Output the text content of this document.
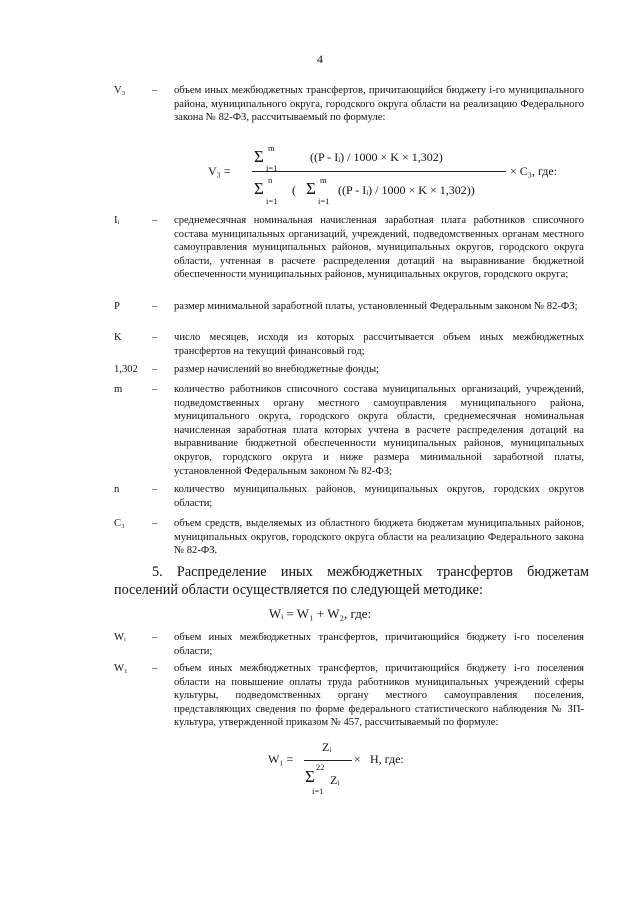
4
V₃	– объем иных межбюджетных трансфертов, причитающийся бюджету i-го муниципального района, муниципального округа, городского округа области на реализацию Федерального закона № 82-ФЗ, рассчитываемый по формуле:
V₃ =
m
Σ
i=1
((P - Iᵢ) / 1000 × K × 1,302)
n
Σ
i=1
(
m
Σ
i=1
((P - Iᵢ) / 1000 × K × 1,302))
× C₃, где:
Iᵢ	– среднемесячная номинальная начисленная заработная плата работников списочного состава муниципальных организаций, учреждений, подведомственных органам местного самоуправления муниципальных районов, муниципальных округов, городского округа области, учтенная в расчете распределения дотаций на выравнивание бюджетной обеспеченности муниципальных районов, муниципальных округов, городского округа;
P	– размер минимальной заработной платы, установленный Федеральным законом № 82-ФЗ;
K	– число месяцев, исходя из которых рассчитывается объем иных межбюджетных трансфертов на текущий финансовый год;
1,302	– размер начислений во внебюджетные фонды;
m	– количество работников списочного состава муниципальных организаций, учреждений, подведомственных органу местного самоуправления муниципального района, муниципального округа, городского округа области, среднемесячная номинальная начисленная заработная плата которых учтена в расчете распределения дотаций на выравнивание бюджетной обеспеченности муниципальных районов, муниципальных округов, городского округа и ниже размера минимальной заработной платы, установленной Федеральным законом № 82-ФЗ;
n	– количество муниципальных районов, муниципальных округов, городских округов области;
C₃	– объем средств, выделяемых из областного бюджета бюджетам муниципальных районов, муниципальных округов, городского округа области на реализацию Федерального закона № 82-ФЗ.
5. Распределение иных межбюджетных трансфертов бюджетам поселений области осуществляется по следующей методике:
Wᵢ = W₁ + W₂, где:
Wᵢ	– объем иных межбюджетных трансфертов, причитающийся бюджету i-го поселения области;
W₁	– объем иных межбюджетных трансфертов, причитающийся бюджету i-го поселения области на повышение оплаты труда работников муниципальных учреждений сферы культуры, подведомственных органу местного самоуправления поселения, представляющих сведения по форме федерального статистического наблюдения № ЗП-культура, утвержденной приказом № 457, рассчитываемый по формуле:
W₁ =
Zᵢ
× H, где:
22
Σ
i=1
Zᵢ
